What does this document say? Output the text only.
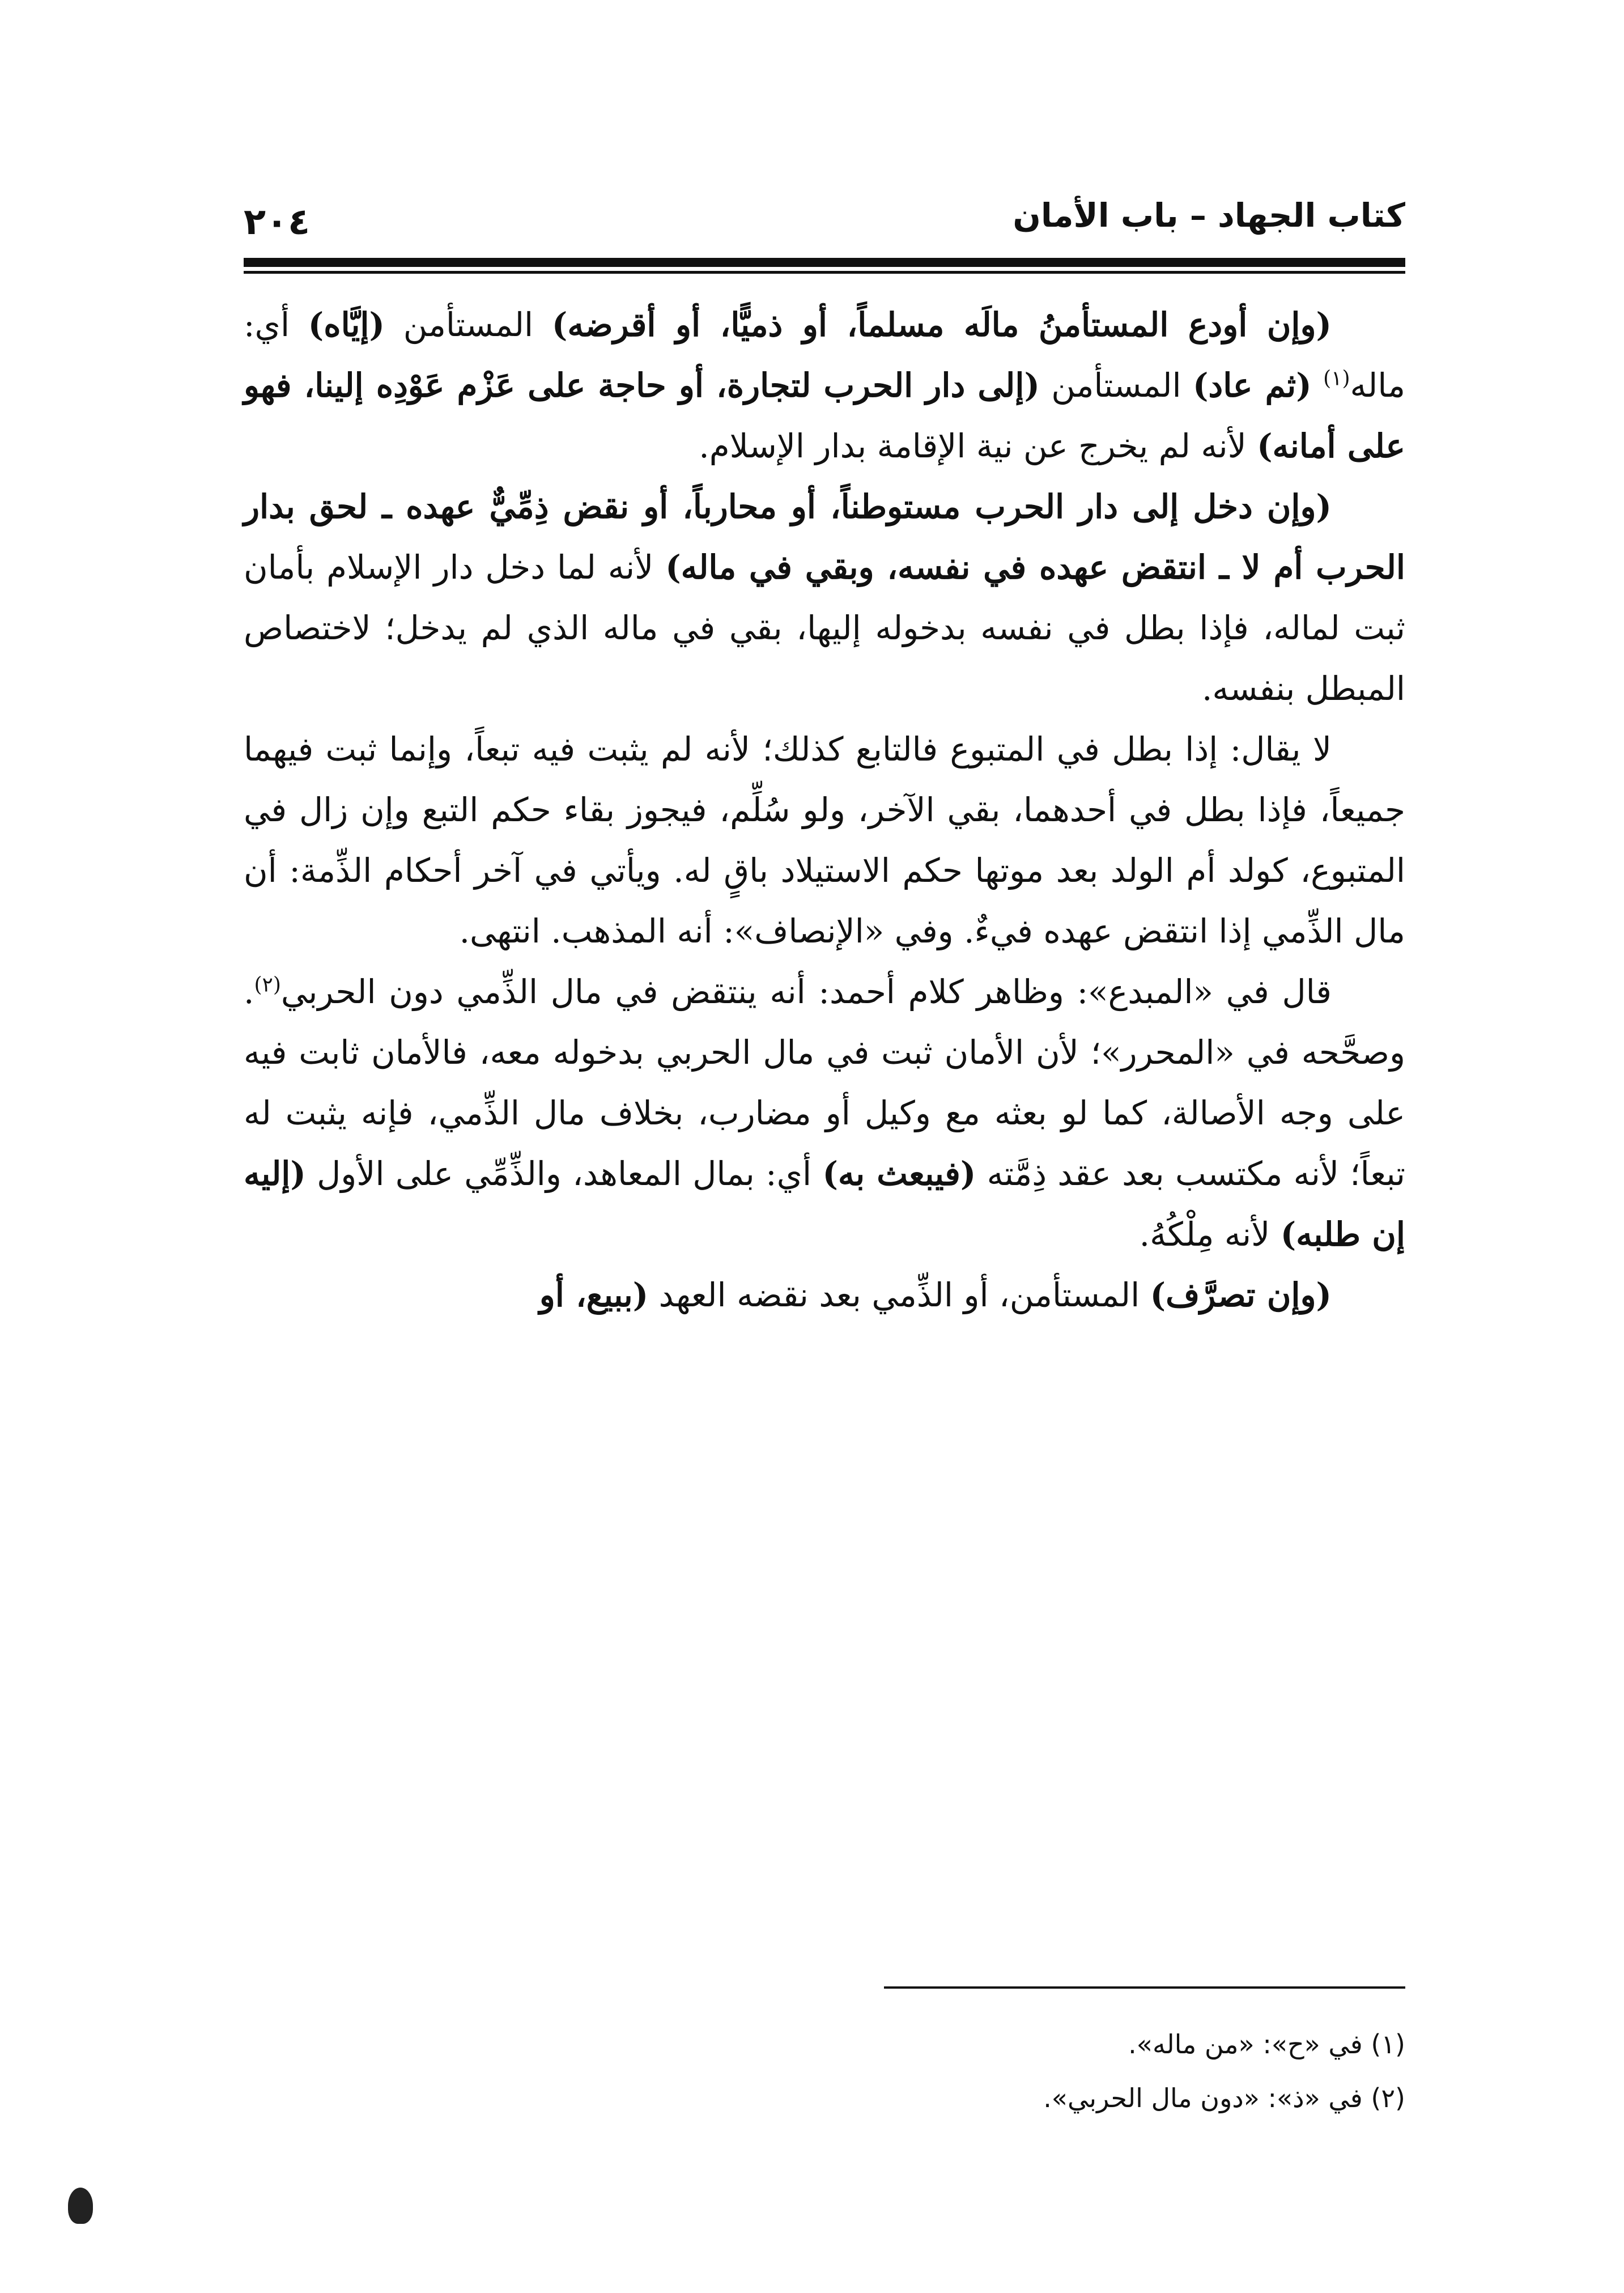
كتاب الجهاد – باب الأمان
٢٠٤

(وإن أودع المستأمنُ مالَه مسلماً، أو ذميًّا، أو أقرضه) المستأمن (إيَّاه) أي: ماله$^{(١)}$ (ثم عاد) المستأمن (إلى دار الحرب لتجارة، أو حاجة على عَزْم عَوْدِه إلينا، فهو على أمانه) لأنه لم يخرج عن نية الإقامة بدار الإسلام.

(وإن دخل إلى دار الحرب مستوطناً، أو محارباً، أو نقض ذِمِّيٌّ عهده ـ لحق بدار الحرب أم لا ـ انتقض عهده في نفسه، وبقي في ماله) لأنه لما دخل دار الإسلام بأمان ثبت لماله، فإذا بطل في نفسه بدخوله إليها، بقي في ماله الذي لم يدخل؛ لاختصاص المبطل بنفسه.

لا يقال: إذا بطل في المتبوع فالتابع كذلك؛ لأنه لم يثبت فيه تبعاً، وإنما ثبت فيهما جميعاً، فإذا بطل في أحدهما، بقي الآخر، ولو سُلِّم، فيجوز بقاء حكم التبع وإن زال في المتبوع، كولد أم الولد بعد موتها حكم الاستيلاد باقٍ له. ويأتي في آخر أحكام الذِّمة: أن مال الذِّمي إذا انتقض عهده فيءٌ. وفي «الإنصاف»: أنه المذهب. انتهى.

قال في «المبدع»: وظاهر كلام أحمد: أنه ينتقض في مال الذِّمي دون الحربي$^{(٢)}$. وصحَّحه في «المحرر»؛ لأن الأمان ثبت في مال الحربي بدخوله معه، فالأمان ثابت فيه على وجه الأصالة، كما لو بعثه مع وكيل أو مضارب، بخلاف مال الذِّمي، فإنه يثبت له تبعاً؛ لأنه مكتسب بعد عقد ذِمَّته (فيبعث به) أي: بمال المعاهد، والذِّمِّي على الأول (إليه إن طلبه) لأنه مِلْكُهُ.

(وإن تصرَّف) المستأمن، أو الذِّمي بعد نقضه العهد (ببيع، أو

(١) في «ح»: «من ماله».

(٢) في «ذ»: «دون مال الحربي».
